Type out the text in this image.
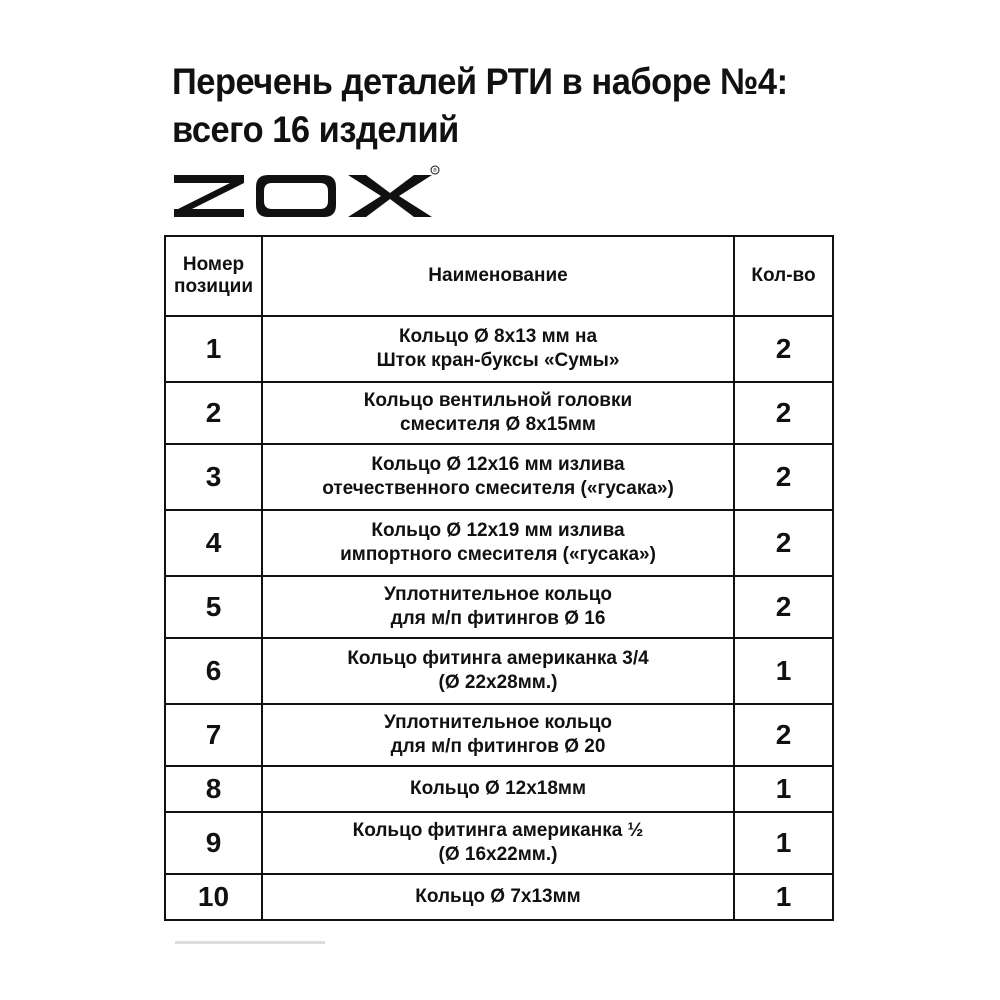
Перечень деталей РТИ в наборе №4:
всего 16 изделий
®
Номер позиции	Наименование	Кол-во
1	Кольцо Ø 8x13 мм на
Шток кран-буксы «Сумы»	2
2	Кольцо вентильной головки
смесителя Ø 8x15мм	2
3	Кольцо Ø 12x16 мм излива
отечественного смесителя («гусака»)	2
4	Кольцо Ø 12x19 мм излива
импортного смесителя («гусака»)	2
5	Уплотнительное кольцо
для м/п фитингов Ø 16	2
6	Кольцо фитинга американка 3/4
(Ø 22x28мм.)	1
7	Уплотнительное кольцо
для м/п фитингов Ø 20	2
8	Кольцо Ø 12x18мм	1
9	Кольцо фитинга американка ½
(Ø 16x22мм.)	1
10	Кольцо Ø 7x13мм	1
